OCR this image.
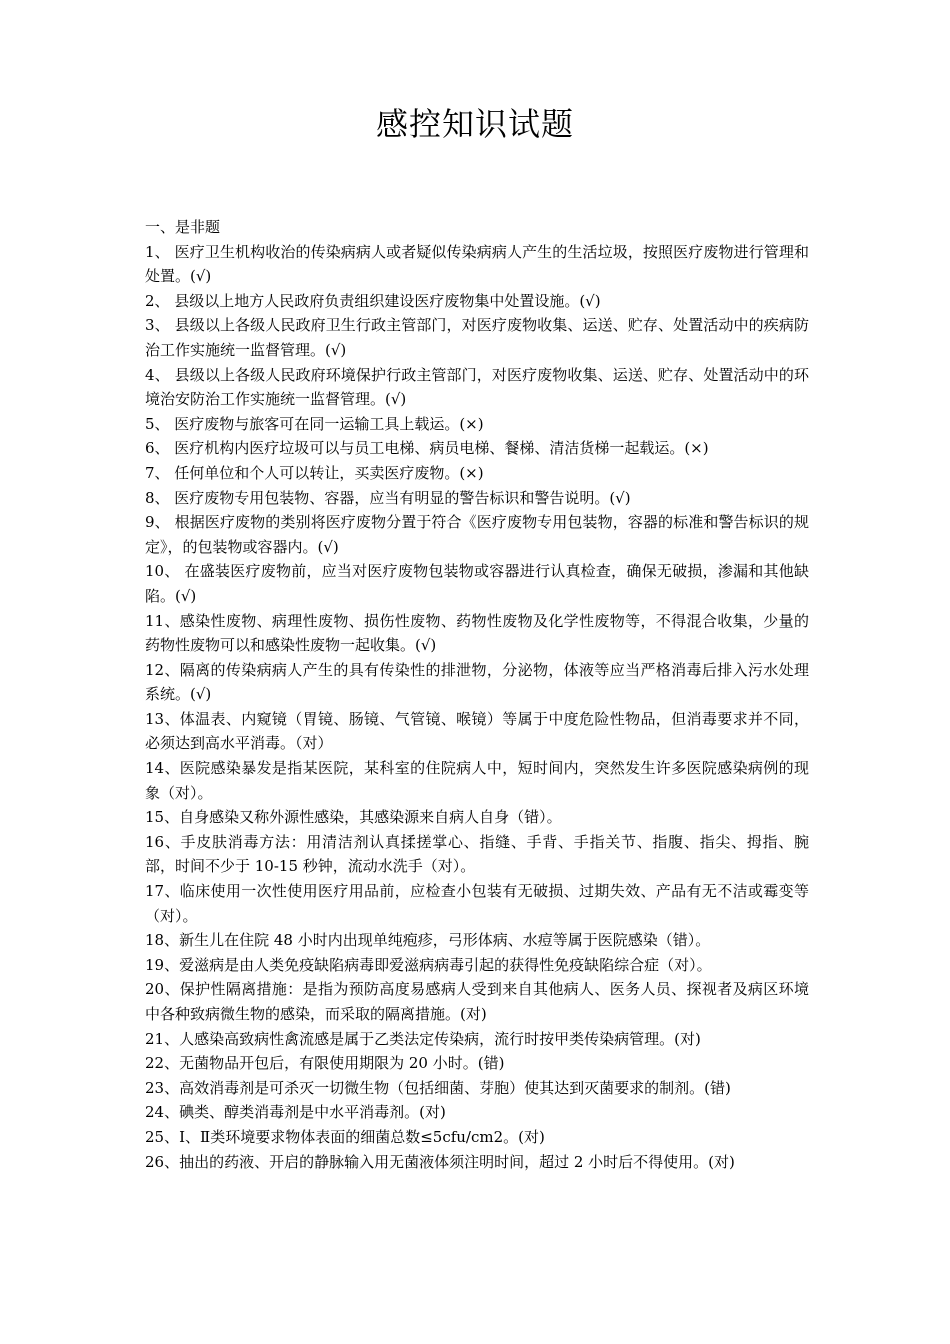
感控知识试题

一、是非题

1、 医疗卫生机构收治的传染病病人或者疑似传染病病人产生的生活垃圾，按照医疗废物进行管理和处置。(√)

2、 县级以上地方人民政府负责组织建设医疗废物集中处置设施。(√)

3、 县级以上各级人民政府卫生行政主管部门，对医疗废物收集、运送、贮存、处置活动中的疾病防治工作实施统一监督管理。(√)

4、 县级以上各级人民政府环境保护行政主管部门，对医疗废物收集、运送、贮存、处置活动中的环境治安防治工作实施统一监督管理。(√)

5、 医疗废物与旅客可在同一运输工具上载运。(×)

6、 医疗机构内医疗垃圾可以与员工电梯、病员电梯、餐梯、清洁货梯一起载运。(×)

7、 任何单位和个人可以转让，买卖医疗废物。(×)

8、 医疗废物专用包装物、容器，应当有明显的警告标识和警告说明。(√)

9、 根据医疗废物的类别将医疗废物分置于符合《医疗废物专用包装物，容器的标准和警告标识的规定》，的包装物或容器内。(√)

10、 在盛装医疗废物前，应当对医疗废物包装物或容器进行认真检查，确保无破损，渗漏和其他缺陷。(√)

11、感染性废物、病理性废物、损伤性废物、药物性废物及化学性废物等，不得混合收集，少量的药物性废物可以和感染性废物一起收集。(√)

12、隔离的传染病病人产生的具有传染性的排泄物，分泌物，体液等应当严格消毒后排入污水处理系统。(√)

13、体温表、内窥镜（胃镜、肠镜、气管镜、喉镜）等属于中度危险性物品，但消毒要求并不同，必须达到高水平消毒。（对）

14、医院感染暴发是指某医院，某科室的住院病人中，短时间内，突然发生许多医院感染病例的现象（对）。

15、自身感染又称外源性感染，其感染源来自病人自身（错）。

16、手皮肤消毒方法：用清洁剂认真揉搓掌心、指缝、手背、手指关节、指腹、指尖、拇指、腕部，时间不少于 10-15 秒钟，流动水洗手（对）。

17、临床使用一次性使用医疗用品前，应检查小包装有无破损、过期失效、产品有无不洁或霉变等（对）。

18、新生儿在住院 48 小时内出现单纯疱疹，弓形体病、水痘等属于医院感染（错）。

19、爱滋病是由人类免疫缺陷病毒即爱滋病病毒引起的获得性免疫缺陷综合症（对）。

20、保护性隔离措施：是指为预防高度易感病人受到来自其他病人、医务人员、探视者及病区环境中各种致病微生物的感染，而采取的隔离措施。(对)

21、人感染高致病性禽流感是属于乙类法定传染病，流行时按甲类传染病管理。(对)

22、无菌物品开包后，有限使用期限为 20 小时。(错)

23、高效消毒剂是可杀灭一切微生物（包括细菌、芽胞）使其达到灭菌要求的制剂。(错)

24、碘类、醇类消毒剂是中水平消毒剂。(对)

25、Ⅰ、Ⅱ类环境要求物体表面的细菌总数≤5cfu/cm2。(对)

26、抽出的药液、开启的静脉输入用无菌液体须注明时间，超过 2 小时后不得使用。(对)
